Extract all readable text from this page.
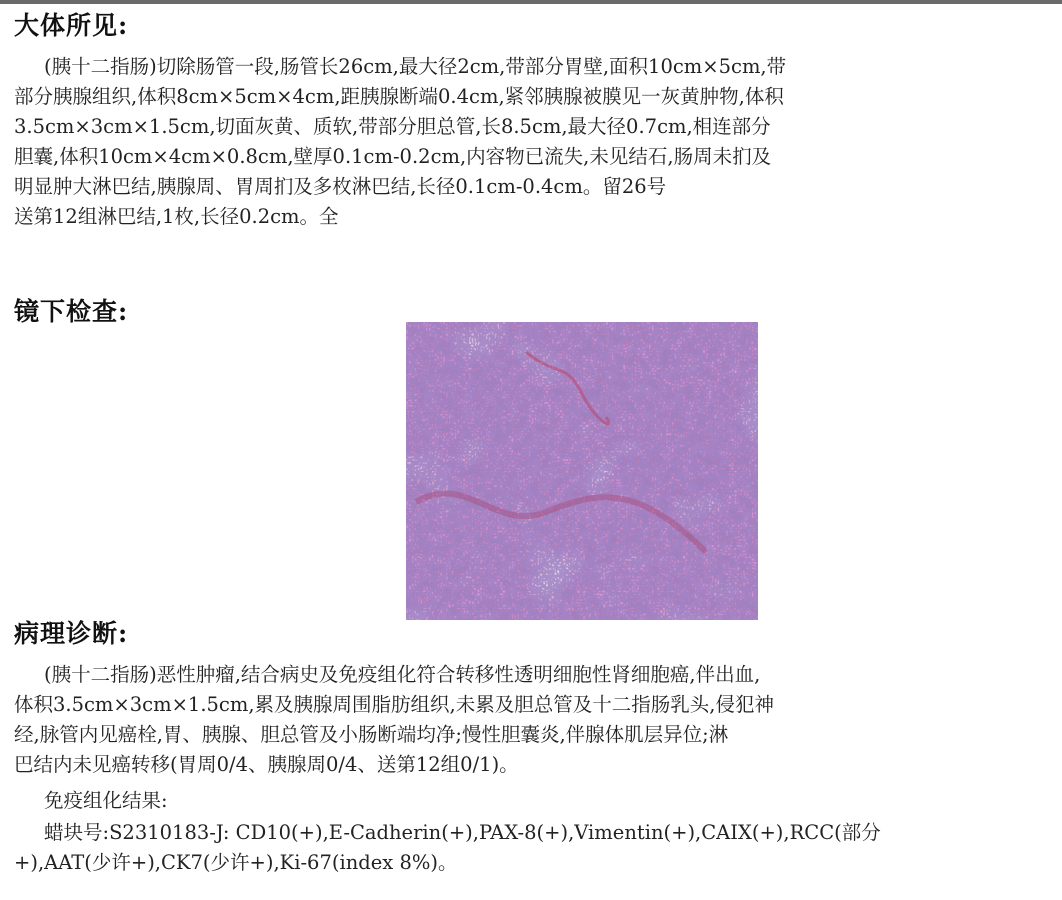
大体所见:
(胰十二指肠)切除肠管一段,肠管长26cm,最大径2cm,带部分胃壁,面积10cm×5cm,带
部分胰腺组织,体积8cm×5cm×4cm,距胰腺断端0.4cm,紧邻胰腺被膜见一灰黄肿物,体积
3.5cm×3cm×1.5cm,切面灰黄、质软,带部分胆总管,长8.5cm,最大径0.7cm,相连部分
胆囊,体积10cm×4cm×0.8cm,壁厚0.1cm-0.2cm,内容物已流失,未见结石,肠周未扪及
明显肿大淋巴结,胰腺周、胃周扪及多枚淋巴结,长径0.1cm-0.4cm。留26号
送第12组淋巴结,1枚,长径0.2cm。全
镜下检查:
病理诊断:
(胰十二指肠)恶性肿瘤,结合病史及免疫组化符合转移性透明细胞性肾细胞癌,伴出血,
体积3.5cm×3cm×1.5cm,累及胰腺周围脂肪组织,未累及胆总管及十二指肠乳头,侵犯神
经,脉管内见癌栓,胃、胰腺、胆总管及小肠断端均净;慢性胆囊炎,伴腺体肌层异位;淋
巴结内未见癌转移(胃周0/4、胰腺周0/4、送第12组0/1)。

免疫组化结果:

蜡块号:S2310183-J: CD10(+),E-Cadherin(+),PAX-8(+),Vimentin(+),CAIX(+),RCC(部分
+),AAT(少许+),CK7(少许+),Ki-67(index 8%)。
